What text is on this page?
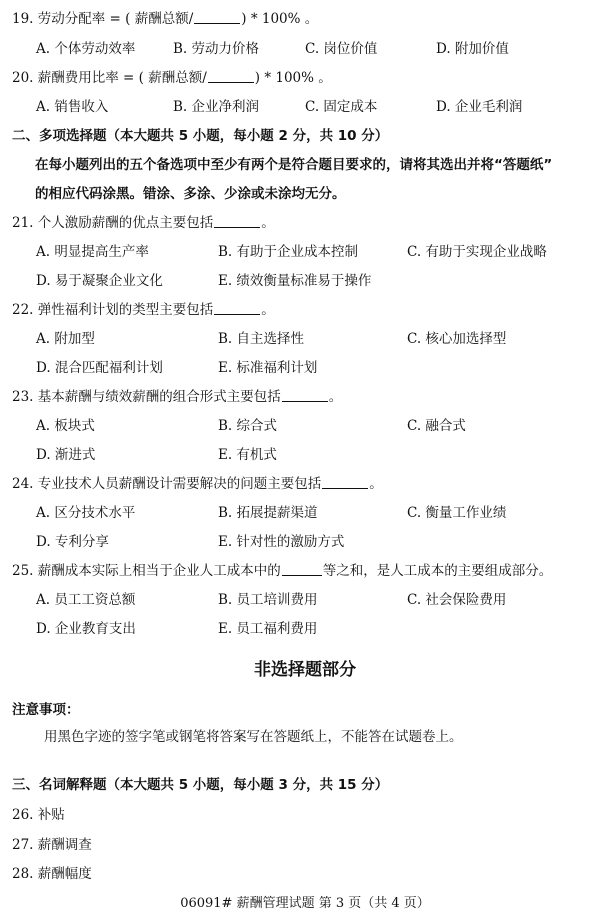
19. 劳动分配率 = ( 薪酬总额/	) * 100% 。
A. 个体劳动效率	B. 劳动力价格	C. 岗位价值	D. 附加价值
20. 薪酬费用比率 = ( 薪酬总额/	) * 100% 。
A. 销售收入	B. 企业净利润	C. 固定成本	D. 企业毛利润
二、多项选择题（本大题共 5 小题，每小题 2 分，共 10 分）
在每小题列出的五个备选项中至少有两个是符合题目要求的，请将其选出并将“答题纸”
的相应代码涂黑。错涂、多涂、少涂或未涂均无分。
21. 个人激励薪酬的优点主要包括	。
A. 明显提高生产率	B. 有助于企业成本控制	C. 有助于实现企业战略
D. 易于凝聚企业文化	E. 绩效衡量标准易于操作
22. 弹性福利计划的类型主要包括	。
A. 附加型	B. 自主选择性	C. 核心加选择型
D. 混合匹配福利计划	E. 标准福利计划
23. 基本薪酬与绩效薪酬的组合形式主要包括	。
A. 板块式	B. 综合式	C. 融合式
D. 渐进式	E. 有机式
24. 专业技术人员薪酬设计需要解决的问题主要包括	。
A. 区分技术水平	B. 拓展提薪渠道	C. 衡量工作业绩
D. 专利分享	E. 针对性的激励方式
25. 薪酬成本实际上相当于企业人工成本中的	等之和，是人工成本的主要组成部分。
A. 员工工资总额	B. 员工培训费用	C. 社会保险费用
D. 企业教育支出	E. 员工福利费用
非选择题部分
注意事项：
用黑色字迹的签字笔或钢笔将答案写在答题纸上，不能答在试题卷上。
三、名词解释题（本大题共 5 小题，每小题 3 分，共 15 分）
26. 补贴
27. 薪酬调查
28. 薪酬幅度
06091# 薪酬管理试题 第 3 页（共 4 页）
